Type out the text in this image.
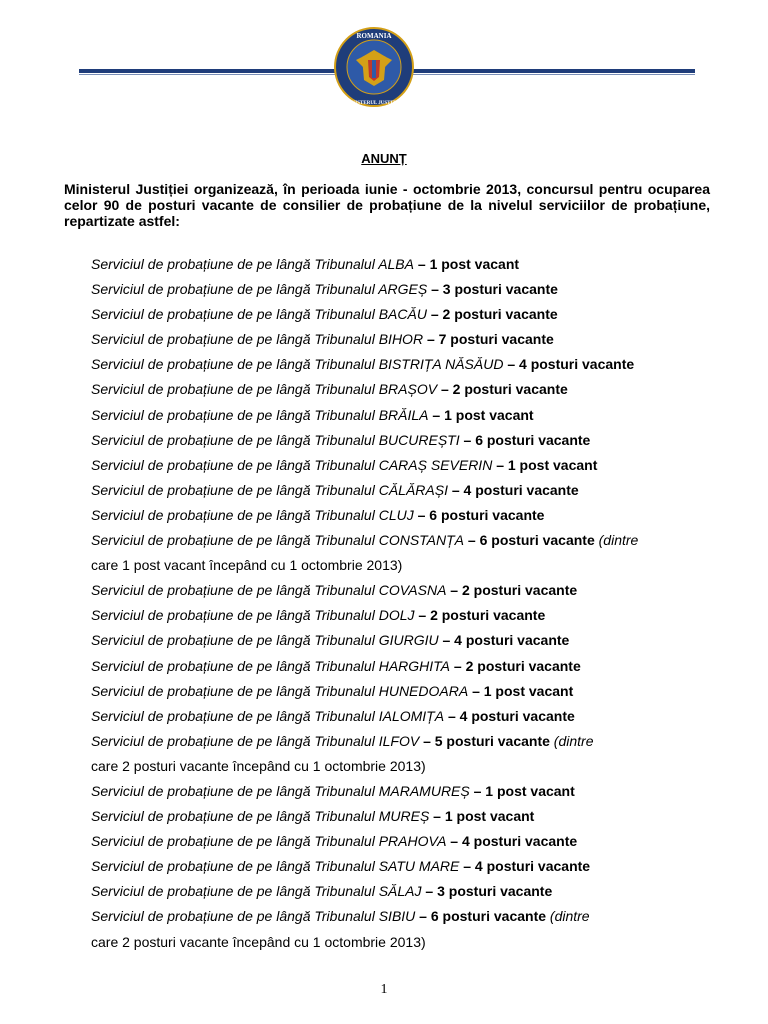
ROMANIA
MINISTERUL JUSTITIEI
ANUNȚ
Ministerul Justiției organizează, în perioada iunie - octombrie 2013, concursul pentru ocuparea celor 90 de posturi vacante de consilier de probațiune de la nivelul serviciilor de probațiune, repartizate astfel:
Serviciul de probațiune de pe lângă Tribunalul ALBA – 1 post vacant
Serviciul de probațiune de pe lângă Tribunalul ARGEȘ – 3 posturi vacante
Serviciul de probațiune de pe lângă Tribunalul BACĂU – 2 posturi vacante
Serviciul de probațiune de pe lângă Tribunalul BIHOR – 7 posturi vacante
Serviciul de probațiune de pe lângă Tribunalul BISTRIȚA NĂSĂUD – 4 posturi vacante
Serviciul de probațiune de pe lângă Tribunalul BRAȘOV – 2 posturi vacante
Serviciul de probațiune de pe lângă Tribunalul BRĂILA – 1 post vacant
Serviciul de probațiune de pe lângă Tribunalul BUCUREȘTI – 6 posturi vacante
Serviciul de probațiune de pe lângă Tribunalul CARAȘ SEVERIN – 1 post vacant
Serviciul de probațiune de pe lângă Tribunalul CĂLĂRAȘI – 4 posturi vacante
Serviciul de probațiune de pe lângă Tribunalul CLUJ – 6 posturi vacante
Serviciul de probațiune de pe lângă Tribunalul CONSTANȚA – 6 posturi vacante (dintre
care 1 post vacant începând cu 1 octombrie 2013)
Serviciul de probațiune de pe lângă Tribunalul COVASNA – 2 posturi vacante
Serviciul de probațiune de pe lângă Tribunalul DOLJ – 2 posturi vacante
Serviciul de probațiune de pe lângă Tribunalul GIURGIU – 4 posturi vacante
Serviciul de probațiune de pe lângă Tribunalul HARGHITA – 2 posturi vacante
Serviciul de probațiune de pe lângă Tribunalul HUNEDOARA – 1 post vacant
Serviciul de probațiune de pe lângă Tribunalul IALOMIȚA – 4 posturi vacante
Serviciul de probațiune de pe lângă Tribunalul ILFOV – 5 posturi vacante (dintre
care 2 posturi vacante începând cu 1 octombrie 2013)
Serviciul de probațiune de pe lângă Tribunalul MARAMUREȘ – 1 post vacant
Serviciul de probațiune de pe lângă Tribunalul MUREȘ – 1 post vacant
Serviciul de probațiune de pe lângă Tribunalul PRAHOVA – 4 posturi vacante
Serviciul de probațiune de pe lângă Tribunalul SATU MARE – 4 posturi vacante
Serviciul de probațiune de pe lângă Tribunalul SĂLAJ – 3 posturi vacante
Serviciul de probațiune de pe lângă Tribunalul SIBIU – 6 posturi vacante (dintre
care 2 posturi vacante începând cu 1 octombrie 2013)
1
